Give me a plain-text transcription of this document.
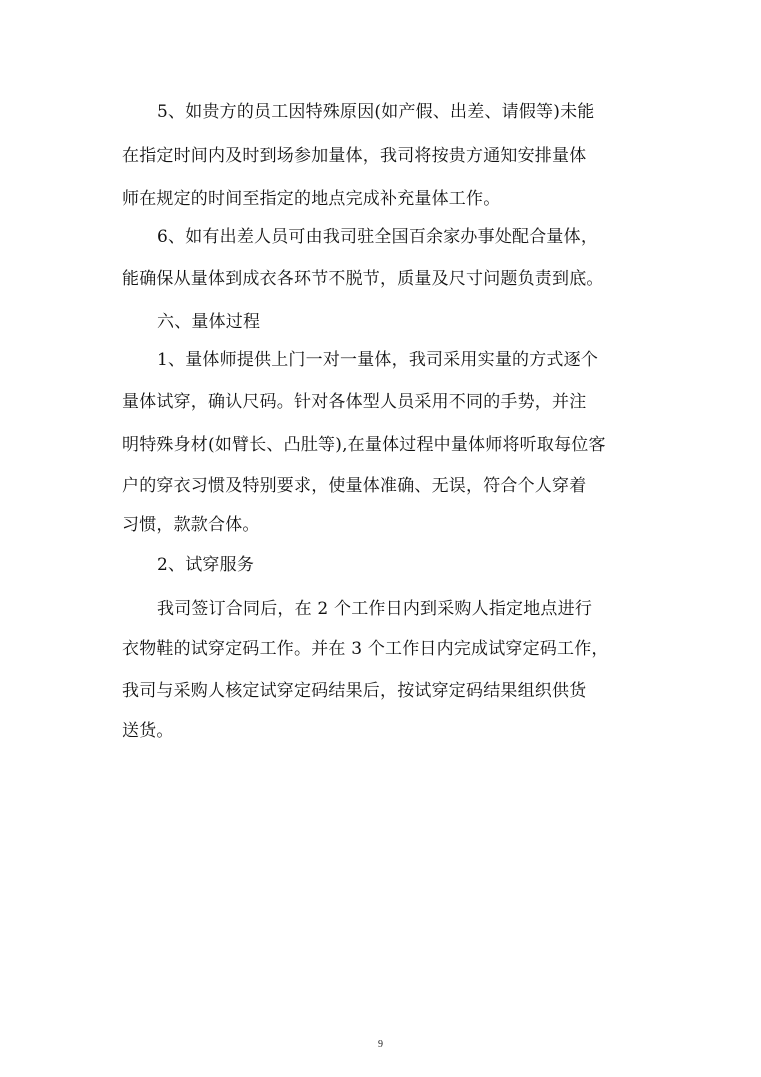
5、如贵方的员工因特殊原因(如产假、出差、请假等)未能
在指定时间内及时到场参加量体，我司将按贵方通知安排量体
师在规定的时间至指定的地点完成补充量体工作。
6、如有出差人员可由我司驻全国百余家办事处配合量体，
能确保从量体到成衣各环节不脱节，质量及尺寸问题负责到底。
六、量体过程
1、量体师提供上门一对一量体，我司采用实量的方式逐个
量体试穿，确认尺码。针对各体型人员采用不同的手势，并注
明特殊身材(如臂长、凸肚等),在量体过程中量体师将听取每位客
户的穿衣习惯及特别要求，使量体准确、无误，符合个人穿着
习惯，款款合体。
2、试穿服务
我司签订合同后，在 2 个工作日内到采购人指定地点进行
衣物鞋的试穿定码工作。并在 3 个工作日内完成试穿定码工作，
我司与采购人核定试穿定码结果后，按试穿定码结果组织供货
送货。
9
